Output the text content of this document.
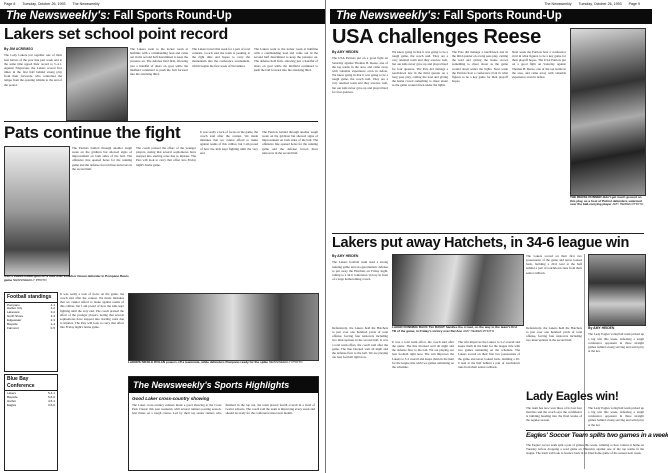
Page 8 Tuesday, October 26, 1993 The Newsweekly
The Newsweekly's: Fall Sports Round-Up
Lakers set school point record
By JIM ACREMSO
The Lady Lakers put together one of their best halves of the year this past week and at the same time upped their record to 5-4-1. Against Edgewater, the Lakers scored five times in the first half behind strong play from their forwards, who controlled the tempo from the opening whistle to the end of the period.
The Lakers went to the locker room at halftime with a commanding lead and came out in the second half determined to keep the pressure on. The defense held firm, allowing just a handful of shots on goal while the midfield continued to push the ball forward into the attacking third.
The Lakers travel this week for a pair of road contests. Coach said the team is peaking at the right time and hopes to carry the momentum into the conference tournament, which begins the first week of November.
The Lakers went to the locker room at halftime with a commanding lead and came out in the second half determined to keep the pressure on. The defense held firm, allowing just a handful of shots on goal while the midfield continued to push the ball forward into the attacking third.
Pats continue the fight
USA's CHRIS DODD gets off a shot over a Harbor Ocean defender in Pompano Bears game NEWSWEEKLY PHOTO
The Patriots battled through another tough week on the gridiron but showed signs of improvement on both sides of the ball. The offensive line opened holes for the running game and the defense forced three turnovers in the second half.
The coach praised the effort of the younger players, noting that several sophomores have stepped into starting roles due to injuries. The Pats will look to carry that effort into Friday night's home game.
It was really a lack of focus on the game, the coach said after the contest. We made mistakes that we cannot afford to make against teams of this caliber, but I am proud of how the kids kept fighting until the very end.
The Patriots battled through another tough week on the gridiron but showed signs of improvement on both sides of the ball. The offensive line opened holes for the running game and the defense forced three turnovers in the second half.
Football standings
Pompano	4-1
Harbor City	4-2
Lakeview	3-2
North Shore	3-3
Edgewater	2-3
Bayside	1-4
Fairmont	0-5
Blue Bay Conference
Lakers	5-4-1
Bayside	5-5-0
Harbor	4-5-1
Eagles	3-6-0
It was really a lack of focus on the game, the coach said after the contest. We made mistakes that we cannot afford to make against teams of this caliber, but I am proud of how the kids kept fighting until the very end. The coach praised the effort of the younger players, noting that several sophomores have stepped into starting roles due to injuries. The Pats will look to carry that effort into Friday night's home game.
LAKERS NICOLE ROLAN powers off a teammate, while defenders Pompano ready for the spike NEWSWEEKLY PHOTO
The Newsweekly's Sports Highlights
Good Laker cross-country showing
The Laker cross-country runners made a good showing at the Coast Park Classic this past weekend, with several runners posting season-best times on a tough course. Led by their top senior runner, who finished in the top ten, the team placed fourth overall in a field of twelve schools. The coach said the team is improving every week and should be ready for the conference meet next month.
The Newsweekly Tuesday, October 26, 1993 Page 9
The Newsweekly's: Fall Sports Round-Up
USA challenges Reese
By AMY HEIDEN
The USA Patriots put on a good fight on Saturday against Thomas B. Reese, one of the top teams in the area, and came away with valuable experience even in defeat. We knew going in that it was going to be a tough game, the coach said. They are a very talented team and they execute well, but our kids never gave up and played hard for four quarters.
We knew going in that it was going to be a tough game, the coach said. They are a very talented team and they execute well, but our kids never gave up and played hard for four quarters. The Pats did manage a touchdown late in the third quarter on a long pass play, cutting the lead and giving the home crowd something to cheer about as the game wound down under the lights.
The Pats did manage a touchdown late in the third quarter on a long pass play, cutting the lead and giving the home crowd something to cheer about as the game wound down under the lights. Next week the Patriots host a conference rival in what figures to be a key game for their playoff hopes.
Next week the Patriots host a conference rival in what figures to be a key game for their playoff hopes. The USA Patriots put on a good fight on Saturday against Thomas B. Reese, one of the top teams in the area, and came away with valuable experience even in defeat.
THE REESE RUNNER didn't get much ground on this play, as a host of Patriot defenders swarmed over the ball-carrying player AMY HEIDEN PHOTO
Lakers put away Hatchets, in 34-6 league win
By AMY HEIDEN
The Lakers football team used a strong running game and an opportunistic defense to put away the Hatchets on Friday night, rolling to a 34-6 conference victory in front of a large homecoming crowd.
The Lakers scored on their first two possessions of the game and never looked back, building a 20-0 lead at the half behind a pair of touchdown runs from their senior tailback.
Defensively, the Lakers held the Hatchets to just over one hundred yards of total offense, forcing four turnovers including two interceptions in the second half. It was a total team effort, the coach said after the game. The line blocked well all night and the defense flew to the ball. We are playing our best football right now.
LAKER RUNNING BACK Tim RAVAT handles the crowd, on the way to the team's first TD of the game, in Friday's victory over Del Ano AMY HEIDEN PHOTO
It was a total team effort, the coach said after the game. The line blocked well all night and the defense flew to the ball. We are playing our best football right now. The win improves the Lakers to 5-2 overall and keeps them in the hunt for the league title with two games remaining on the schedule.
The win improves the Lakers to 5-2 overall and keeps them in the hunt for the league title with two games remaining on the schedule. The Lakers scored on their first two possessions of the game and never looked back, building a 20-0 lead at the half behind a pair of touchdown runs from their senior tailback.
Defensively, the Lakers held the Hatchets to just over one hundred yards of total offense, forcing four turnovers including two interceptions in the second half.
Lady Eagles win!
By AMY HEIDEN
The Lady Eagles volleyball team picked up a big win this week, defeating a tough conference opponent in three straight games behind strong serving and solid play at the net.
The team has now won three of its last four matches and the coach says the confidence is building heading into the final weeks of the regular season.
The Lady Eagles volleyball team picked up a big win this week, defeating a tough conference opponent in three straight games behind strong serving and solid play at the net.
Eagles' Soccer Team splits two games in a week
The Eagles' soccer team split a pair of games this week, winning a close contest at home on Tuesday before dropping a road game on Thursday against one of the top teams in the league. The team will look to bounce back in its final home game of the season next week.
